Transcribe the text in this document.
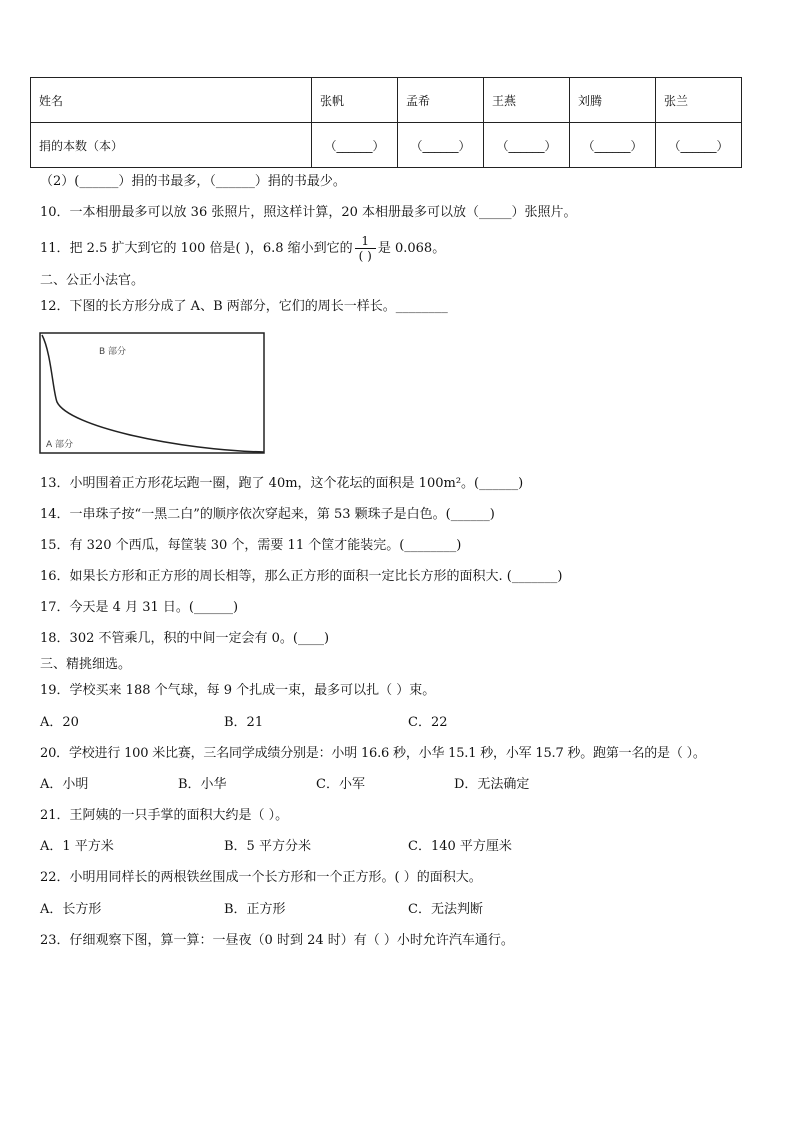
姓名	张帆	孟希	王燕	刘腾	张兰
捐的本数（本）	（______）	（______）	（______）	（______）	（______）
（2）(______）捐的书最多，（______）捐的书最少。
10．一本相册最多可以放 36 张照片，照这样计算，20 本相册最多可以放（_____）张照片。
11．把 2.5 扩大到它的 100 倍是( )，6.8 缩小到它的 $\frac{1}{( )}$ 是 0.068。
二、公正小法官。
12．下图的长方形分成了 A、B 两部分，它们的周长一样长。________
B 部分
A 部分
13．小明围着正方形花坛跑一圈，跑了 40m，这个花坛的面积是 100m²。(______)
14．一串珠子按“一黑二白”的顺序依次穿起来，第 53 颗珠子是白色。(______)
15．有 320 个西瓜，每筐装 30 个，需要 11 个筐才能装完。(________)
16．如果长方形和正方形的周长相等，那么正方形的面积一定比长方形的面积大. (_______)
17．今天是 4 月 31 日。(______)
18．302 不管乘几，积的中间一定会有 0。(____)
三、精挑细选。
19．学校买来 188 个气球，每 9 个扎成一束，最多可以扎（ ）束。
A．20	B．21	C．22
20．学校进行 100 米比赛，三名同学成绩分别是：小明 16.6 秒，小华 15.1 秒，小军 15.7 秒。跑第一名的是（ ）。
A．小明	B．小华	C．小军	D．无法确定
21．王阿姨的一只手掌的面积大约是（ ）。
A．1 平方米	B．5 平方分米	C．140 平方厘米
22．小明用同样长的两根铁丝围成一个长方形和一个正方形。( ）的面积大。
A．长方形	B．正方形	C．无法判断
23．仔细观察下图，算一算：一昼夜（0 时到 24 时）有（ ）小时允许汽车通行。
